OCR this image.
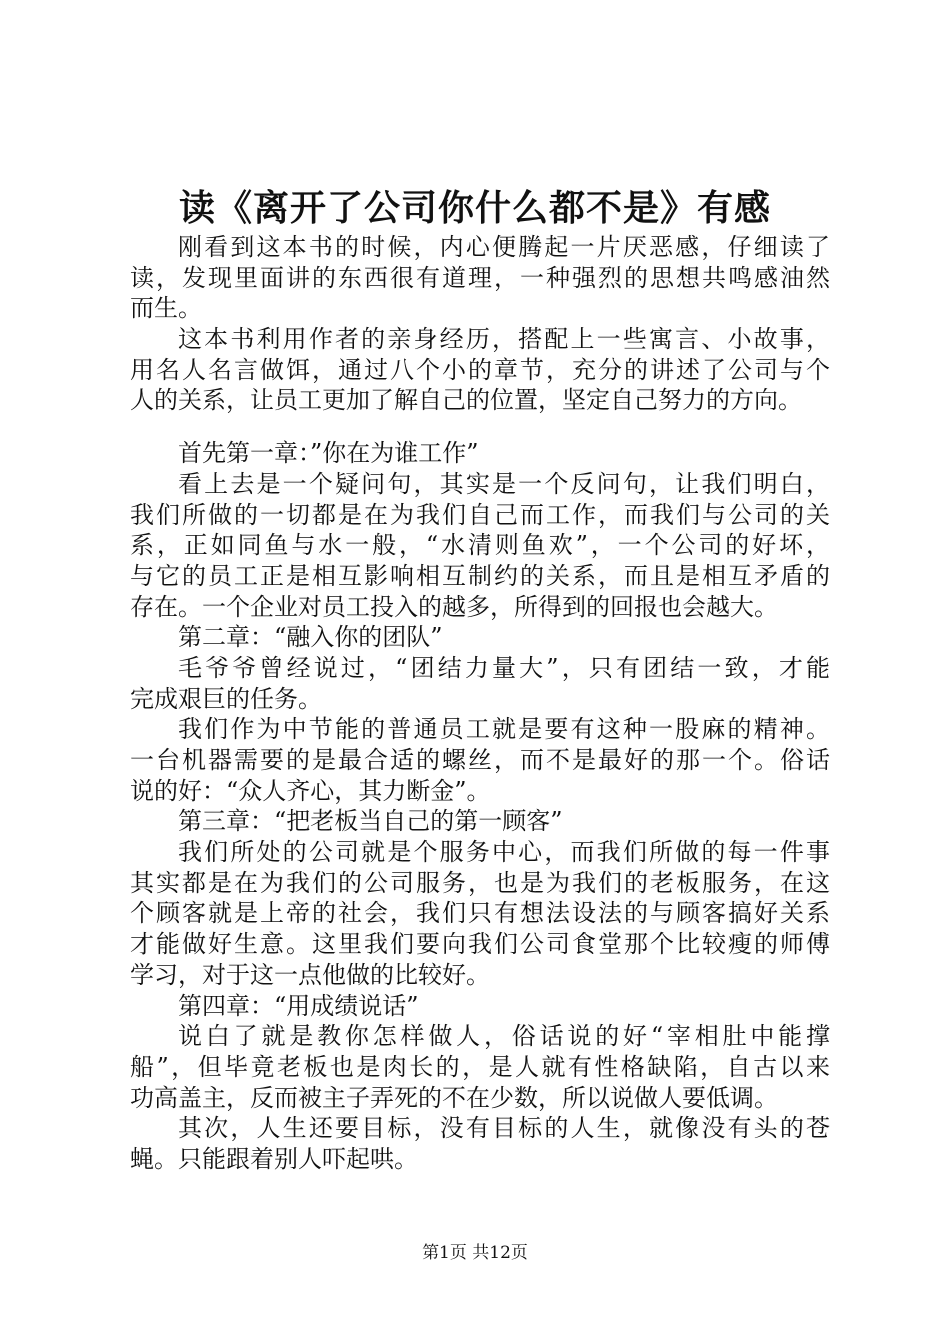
读《离开了公司你什么都不是》有感
刚看到这本书的时候，内心便腾起一片厌恶感，仔细读了
读，发现里面讲的东西很有道理，一种强烈的思想共鸣感油然
而生。
这本书利用作者的亲身经历，搭配上一些寓言、小故事，
用名人名言做饵，通过八个小的章节，充分的讲述了公司与个
人的关系，让员工更加了解自己的位置，坚定自己努力的方向。
首先第一章：”你在为谁工作”
看上去是一个疑问句，其实是一个反问句，让我们明白，
我们所做的一切都是在为我们自己而工作，而我们与公司的关
系，正如同鱼与水一般，“水清则鱼欢”，一个公司的好坏，
与它的员工正是相互影响相互制约的关系，而且是相互矛盾的
存在。一个企业对员工投入的越多，所得到的回报也会越大。
第二章：“融入你的团队”
毛爷爷曾经说过，“团结力量大”，只有团结一致，才能
完成艰巨的任务。
我们作为中节能的普通员工就是要有这种一股麻的精神。
一台机器需要的是最合适的螺丝，而不是最好的那一个。俗话
说的好：“众人齐心，其力断金”。
第三章：“把老板当自己的第一顾客”
我们所处的公司就是个服务中心，而我们所做的每一件事
其实都是在为我们的公司服务，也是为我们的老板服务，在这
个顾客就是上帝的社会，我们只有想法设法的与顾客搞好关系
才能做好生意。这里我们要向我们公司食堂那个比较瘦的师傅
学习，对于这一点他做的比较好。
第四章：“用成绩说话”
说白了就是教你怎样做人，俗话说的好“宰相肚中能撑
船”，但毕竟老板也是肉长的，是人就有性格缺陷，自古以来
功高盖主，反而被主子弄死的不在少数，所以说做人要低调。
其次，人生还要目标，没有目标的人生，就像没有头的苍
蝇。只能跟着别人吓起哄。
第1页 共12页
